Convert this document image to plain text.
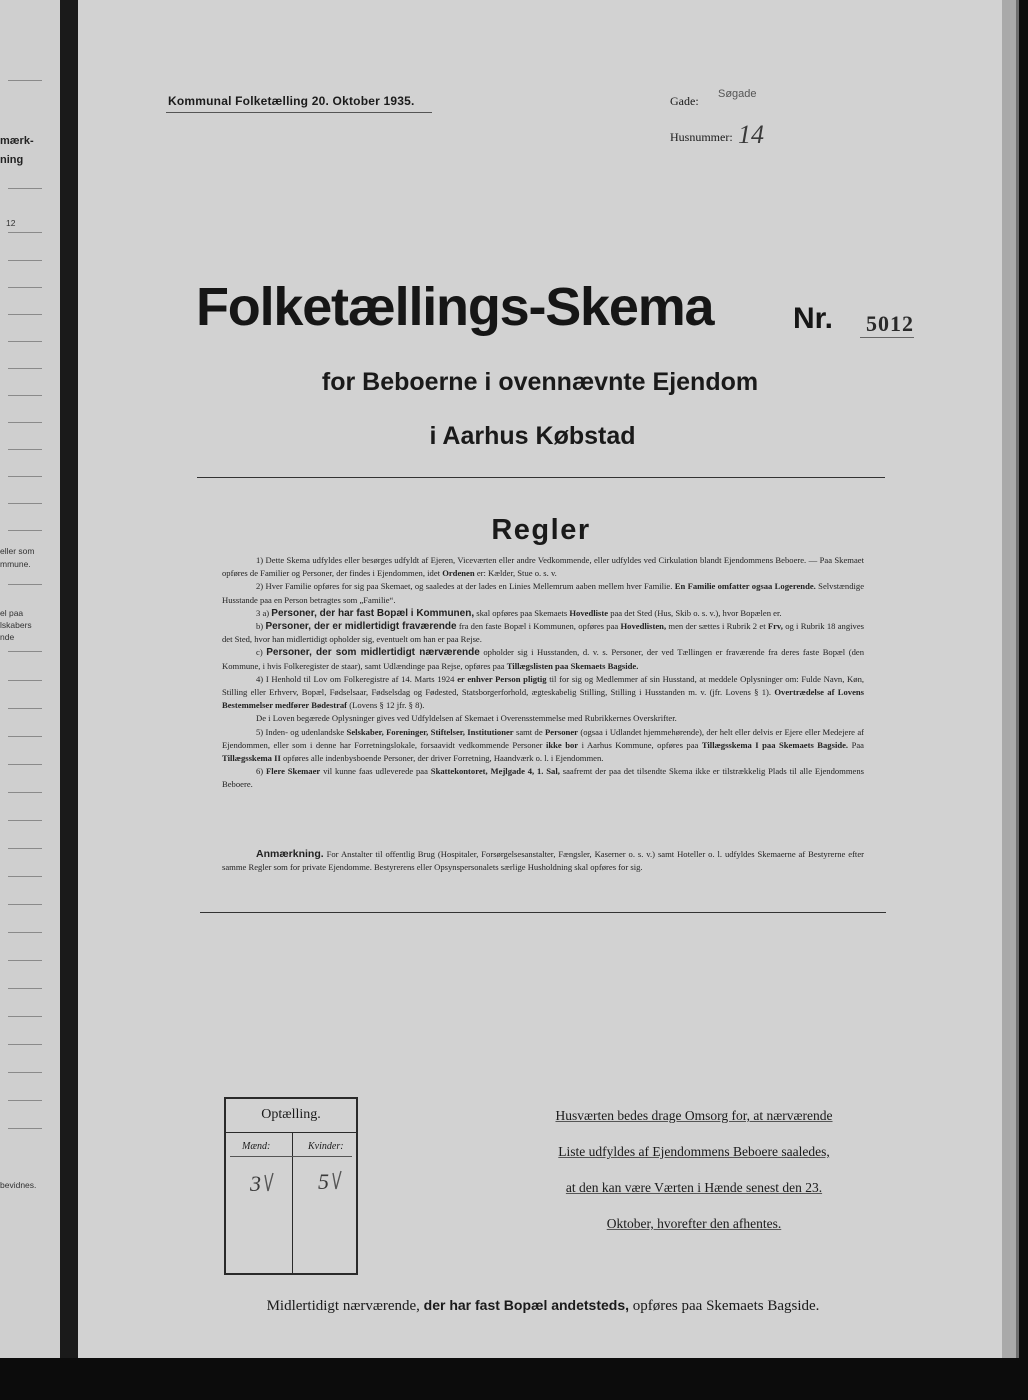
mærk-
ning
12
eller som
mmune.
el paa
lskabers
nde
bevidnes.
Kommunal Folketælling 20. Oktober 1935.	Gade: Søgade
Husnummer: 14
Folketællings-Skema	Nr. 5012
for Beboerne i ovennævnte Ejendom
i Aarhus Købstad
Regler

1) Dette Skema udfyldes eller besørges udfyldt af Ejeren, Viceværten eller andre Vedkommende, eller udfyldes ved Cirkulation blandt Ejendommens Beboere. — Paa Skemaet opføres de Familier og Personer, der findes i Ejendommen, idet Ordenen er: Kælder, Stue o. s. v.

2) Hver Familie opføres for sig paa Skemaet, og saaledes at der lades en Linies Mellemrum aaben mellem hver Familie. En Familie omfatter ogsaa Logerende. Selvstændige Husstande paa en Person betragtes som „Familie“.

3 a) Personer, der har fast Bopæl i Kommunen, skal opføres paa Skemaets Hovedliste paa det Sted (Hus, Skib o. s. v.), hvor Bopælen er.

b) Personer, der er midlertidigt fraværende fra den faste Bopæl i Kommunen, opføres paa Hovedlisten, men der sættes i Rubrik 2 et Frv, og i Rubrik 18 angives det Sted, hvor han midlertidigt opholder sig, eventuelt om han er paa Rejse.

c) Personer, der som midlertidigt nærværende opholder sig i Husstanden, d. v. s. Personer, der ved Tællingen er fraværende fra deres faste Bopæl (den Kommune, i hvis Folkeregister de staar), samt Udlændinge paa Rejse, opføres paa Tillægslisten paa Skemaets Bagside.

4) I Henhold til Lov om Folkeregistre af 14. Marts 1924 er enhver Person pligtig til for sig og Medlemmer af sin Husstand, at meddele Oplysninger om: Fulde Navn, Køn, Stilling eller Erhverv, Bopæl, Fødselsaar, Fødselsdag og Fødested, Statsborgerforhold, ægteskabelig Stilling, Stilling i Husstanden m. v. (jfr. Lovens § 1). Overtrædelse af Lovens Bestemmelser medfører Bødestraf (Lovens § 12 jfr. § 8).

De i Loven begærede Oplysninger gives ved Udfyldelsen af Skemaet i Overensstemmelse med Rubrikkernes Overskrifter.

5) Inden- og udenlandske Selskaber, Foreninger, Stiftelser, Institutioner samt de Personer (ogsaa i Udlandet hjemmehørende), der helt eller delvis er Ejere eller Medejere af Ejendommen, eller som i denne har Forretningslokale, forsaavidt vedkommende Personer ikke bor i Aarhus Kommune, opføres paa Tillægsskema I paa Skemaets Bagside. Paa Tillægsskema II opføres alle indenbysboende Personer, der driver Forretning, Haandværk o. l. i Ejendommen.

6) Flere Skemaer vil kunne faas udleverede paa Skattekontoret, Mejlgade 4, 1. Sal, saafremt der paa det tilsendte Skema ikke er tilstrækkelig Plads til alle Ejendommens Beboere.

Anmærkning. For Anstalter til offentlig Brug (Hospitaler, Forsørgelsesanstalter, Fængsler, Kaserner o. s. v.) samt Hoteller o. l. udfyldes Skemaerne af Bestyrerne efter samme Regler som for private Ejendomme. Bestyrerens eller Opsynspersonalets særlige Husholdning skal opføres for sig.

Optælling.
Mænd:	Kvinder:
3	5
Husværten bedes drage Omsorg for, at nærværende
Liste udfyldes af Ejendommens Beboere saaledes,
at den kan være Værten i Hænde senest den 23.
Oktober, hvorefter den afhentes.
Midlertidigt nærværende, der har fast Bopæl andetsteds, opføres paa Skemaets Bagside.
